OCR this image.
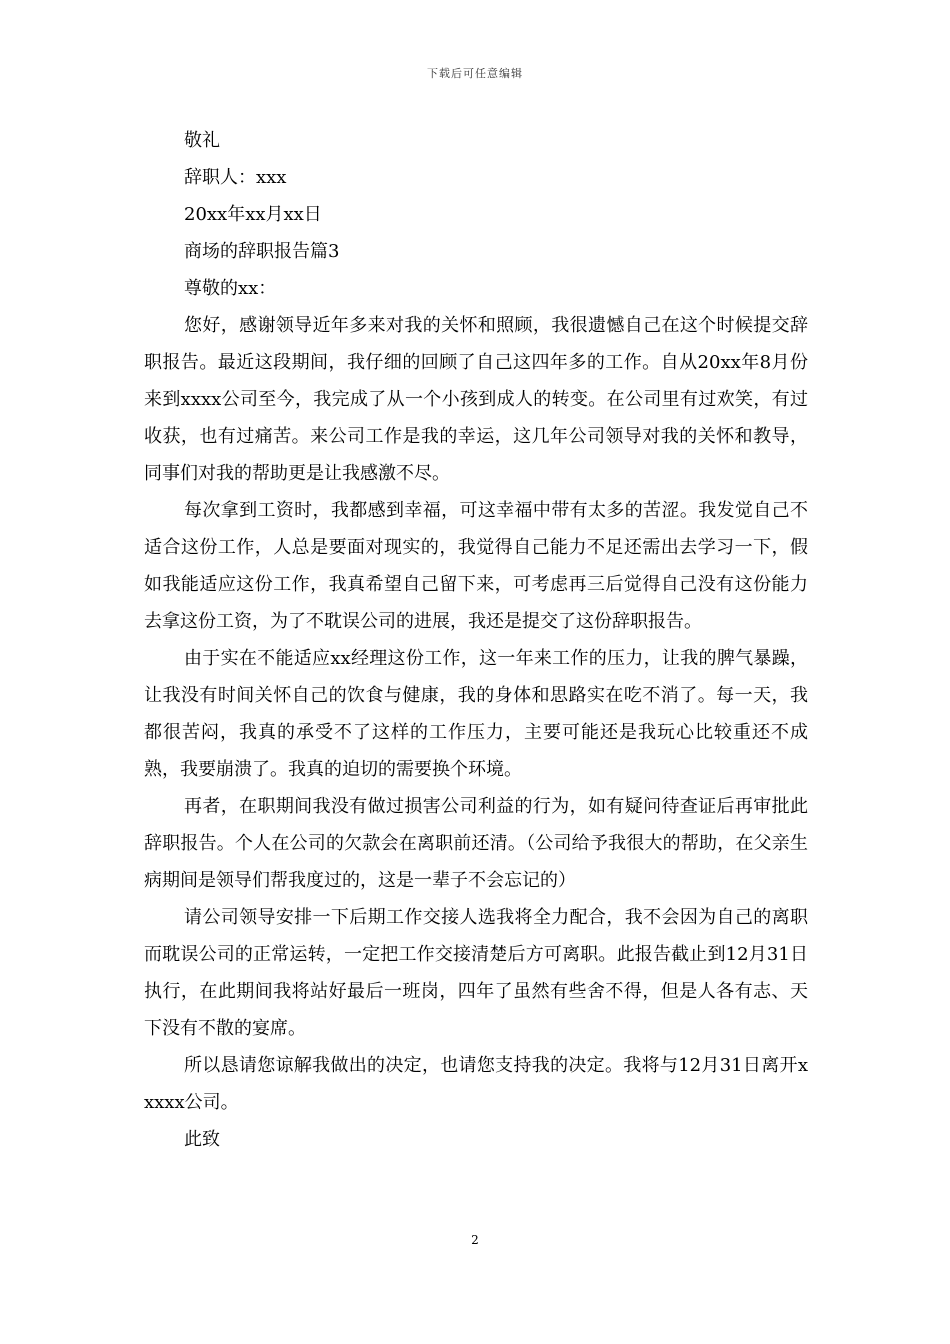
下载后可任意编辑
敬礼
辞职人：xxx
20xx年xx月xx日
商场的辞职报告篇3
尊敬的xx：

您好，感谢领导近年多来对我的关怀和照顾，我很遗憾自己在这个时候提交辞职报告。最近这段期间，我仔细的回顾了自己这四年多的工作。自从20xx年8月份来到xxxx公司至今，我完成了从一个小孩到成人的转变。在公司里有过欢笑，有过收获，也有过痛苦。来公司工作是我的幸运，这几年公司领导对我的关怀和教导，同事们对我的帮助更是让我感激不尽。

每次拿到工资时，我都感到幸福，可这幸福中带有太多的苦涩。我发觉自己不适合这份工作，人总是要面对现实的，我觉得自己能力不足还需出去学习一下，假如我能适应这份工作，我真希望自己留下来，可考虑再三后觉得自己没有这份能力去拿这份工资，为了不耽误公司的进展，我还是提交了这份辞职报告。

由于实在不能适应xx经理这份工作，这一年来工作的压力，让我的脾气暴躁，让我没有时间关怀自己的饮食与健康，我的身体和思路实在吃不消了。每一天，我都很苦闷，我真的承受不了这样的工作压力，主要可能还是我玩心比较重还不成熟，我要崩溃了。我真的迫切的需要换个环境。

再者，在职期间我没有做过损害公司利益的行为，如有疑问待查证后再审批此辞职报告。个人在公司的欠款会在离职前还清。（公司给予我很大的帮助，在父亲生病期间是领导们帮我度过的，这是一辈子不会忘记的）

请公司领导安排一下后期工作交接人选我将全力配合，我不会因为自己的离职而耽误公司的正常运转，一定把工作交接清楚后方可离职。此报告截止到12月31日执行，在此期间我将站好最后一班岗，四年了虽然有些舍不得，但是人各有志、天下没有不散的宴席。

所以恳请您谅解我做出的决定，也请您支持我的决定。我将与12月31日离开xxxxx公司。

此致
2
